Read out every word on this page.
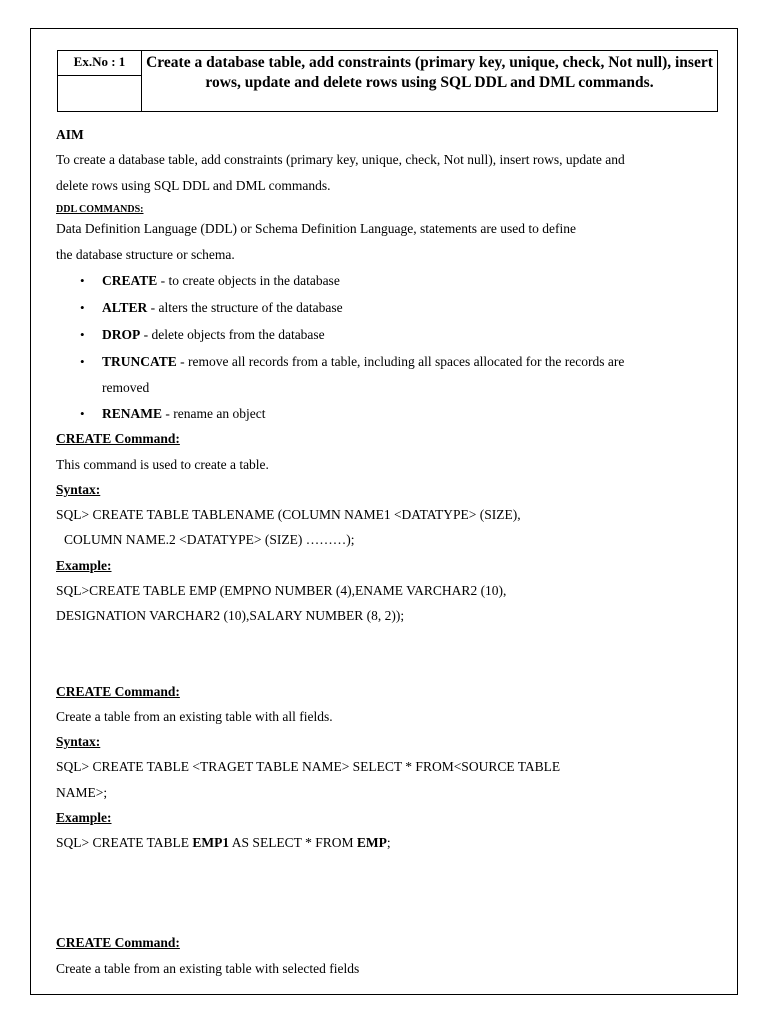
Ex.No : 1	Create a database table, add constraints (primary key, unique, check, Not null), insert rows, update and delete rows using SQL DDL and DML commands.

AIM
To create a database table, add constraints (primary key, unique, check, Not null), insert rows, update and
delete rows using SQL DDL and DML commands.
DDL COMMANDS:
Data Definition Language (DDL) or Schema Definition Language, statements are used to define
the database structure or schema.
• CREATE - to create objects in the database
• ALTER - alters the structure of the database
• DROP - delete objects from the database
• TRUNCATE - remove all records from a table, including all spaces allocated for the records are
removed
• RENAME - rename an object
CREATE Command:
This command is used to create a table.
Syntax:
SQL> CREATE TABLE TABLENAME (COLUMN NAME1 <DATATYPE> (SIZE),
COLUMN NAME.2 <DATATYPE> (SIZE) ………);
Example:
SQL>CREATE TABLE EMP (EMPNO NUMBER (4),ENAME VARCHAR2 (10),
DESIGNATION VARCHAR2 (10),SALARY NUMBER (8, 2));
CREATE Command:
Create a table from an existing table with all fields.
Syntax:
SQL> CREATE TABLE <TRAGET TABLE NAME> SELECT * FROM<SOURCE TABLE
NAME>;
Example:
SQL> CREATE TABLE EMP1 AS SELECT * FROM EMP;
CREATE Command:
Create a table from an existing table with selected fields
